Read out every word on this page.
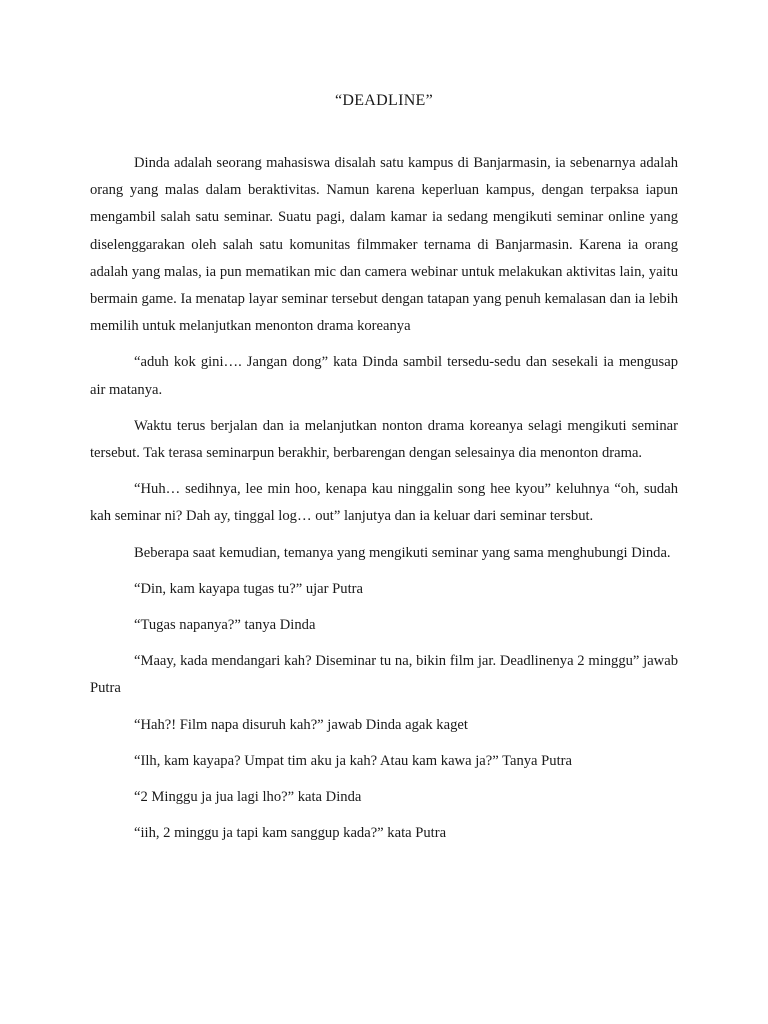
“DEADLINE”

Dinda adalah seorang mahasiswa disalah satu kampus di Banjarmasin, ia sebenarnya adalah orang yang malas dalam beraktivitas. Namun karena keperluan kampus, dengan terpaksa iapun mengambil salah satu seminar. Suatu pagi, dalam kamar ia sedang mengikuti seminar online yang diselenggarakan oleh salah satu komunitas filmmaker ternama di Banjarmasin. Karena ia orang adalah yang malas, ia pun mematikan mic dan camera webinar untuk melakukan aktivitas lain, yaitu bermain game. Ia menatap layar seminar tersebut dengan tatapan yang penuh kemalasan dan ia lebih memilih untuk melanjutkan menonton drama koreanya

“aduh kok gini…. Jangan dong” kata Dinda sambil tersedu-sedu dan sesekali ia mengusap air matanya.

Waktu terus berjalan dan ia melanjutkan nonton drama koreanya selagi mengikuti seminar tersebut. Tak terasa seminarpun berakhir, berbarengan dengan selesainya dia menonton drama.

“Huh… sedihnya, lee min hoo, kenapa kau ninggalin song hee kyou” keluhnya “oh, sudah kah seminar ni? Dah ay, tinggal log… out” lanjutya dan ia keluar dari seminar tersbut.

Beberapa saat kemudian, temanya yang mengikuti seminar yang sama menghubungi Dinda.

“Din, kam kayapa tugas tu?” ujar Putra

“Tugas napanya?” tanya Dinda

“Maay, kada mendangari kah? Diseminar tu na, bikin film jar. Deadlinenya 2 minggu” jawab Putra

“Hah?! Film napa disuruh kah?” jawab Dinda agak kaget

“Ilh, kam kayapa? Umpat tim aku ja kah? Atau kam kawa ja?” Tanya Putra

“2 Minggu ja jua lagi lho?” kata Dinda

“iih, 2 minggu ja tapi kam sanggup kada?” kata Putra
